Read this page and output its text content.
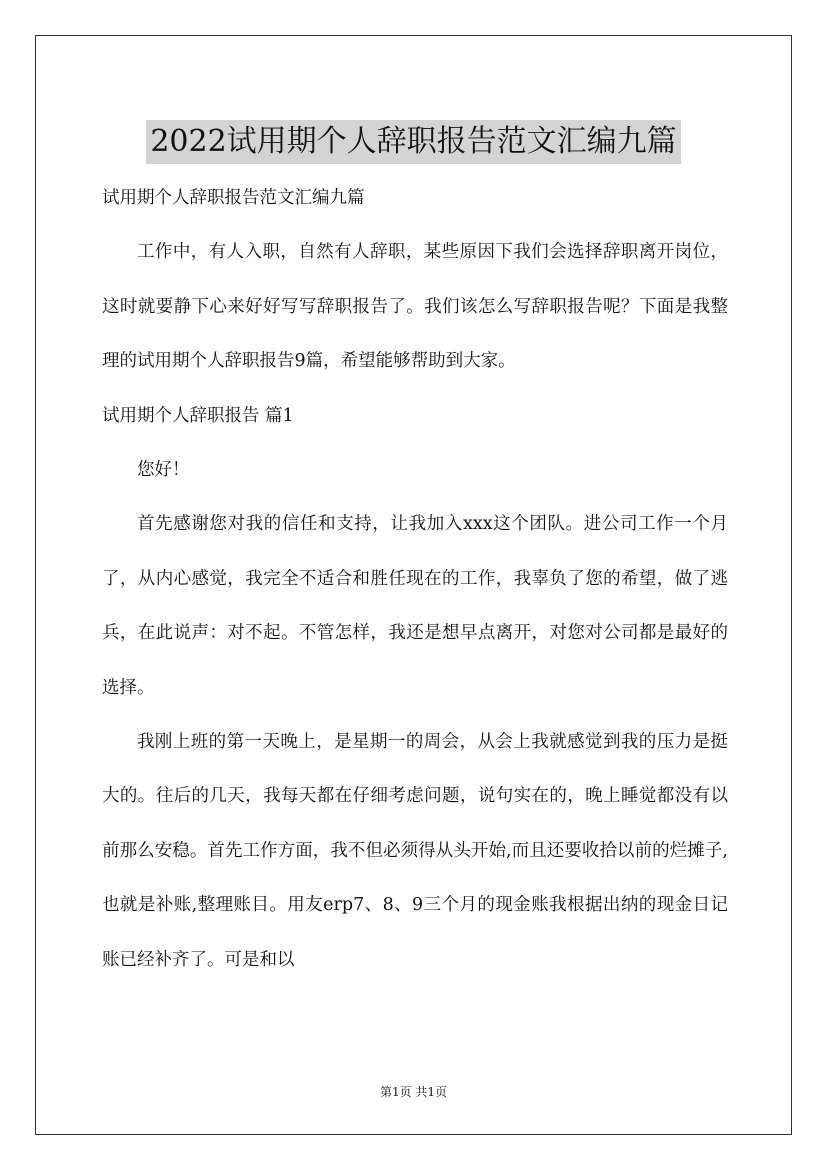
2022试用期个人辞职报告范文汇编九篇

试用期个人辞职报告范文汇编九篇

工作中，有人入职，自然有人辞职，某些原因下我们会选择辞职离开岗位，这时就要静下心来好好写写辞职报告了。我们该怎么写辞职报告呢？下面是我整理的试用期个人辞职报告9篇，希望能够帮助到大家。

试用期个人辞职报告 篇1

您好！

首先感谢您对我的信任和支持，让我加入xxx这个团队。进公司工作一个月了，从内心感觉，我完全不适合和胜任现在的工作，我辜负了您的希望，做了逃兵，在此说声：对不起。不管怎样，我还是想早点离开，对您对公司都是最好的选择。

我刚上班的第一天晚上，是星期一的周会，从会上我就感觉到我的压力是挺大的。往后的几天，我每天都在仔细考虑问题，说句实在的，晚上睡觉都没有以前那么安稳。首先工作方面，我不但必须得从头开始,而且还要收拾以前的烂摊子,也就是补账,整理账目。用友erp7、8、9三个月的现金账我根据出纳的现金日记账已经补齐了。可是和以

第1页 共1页
